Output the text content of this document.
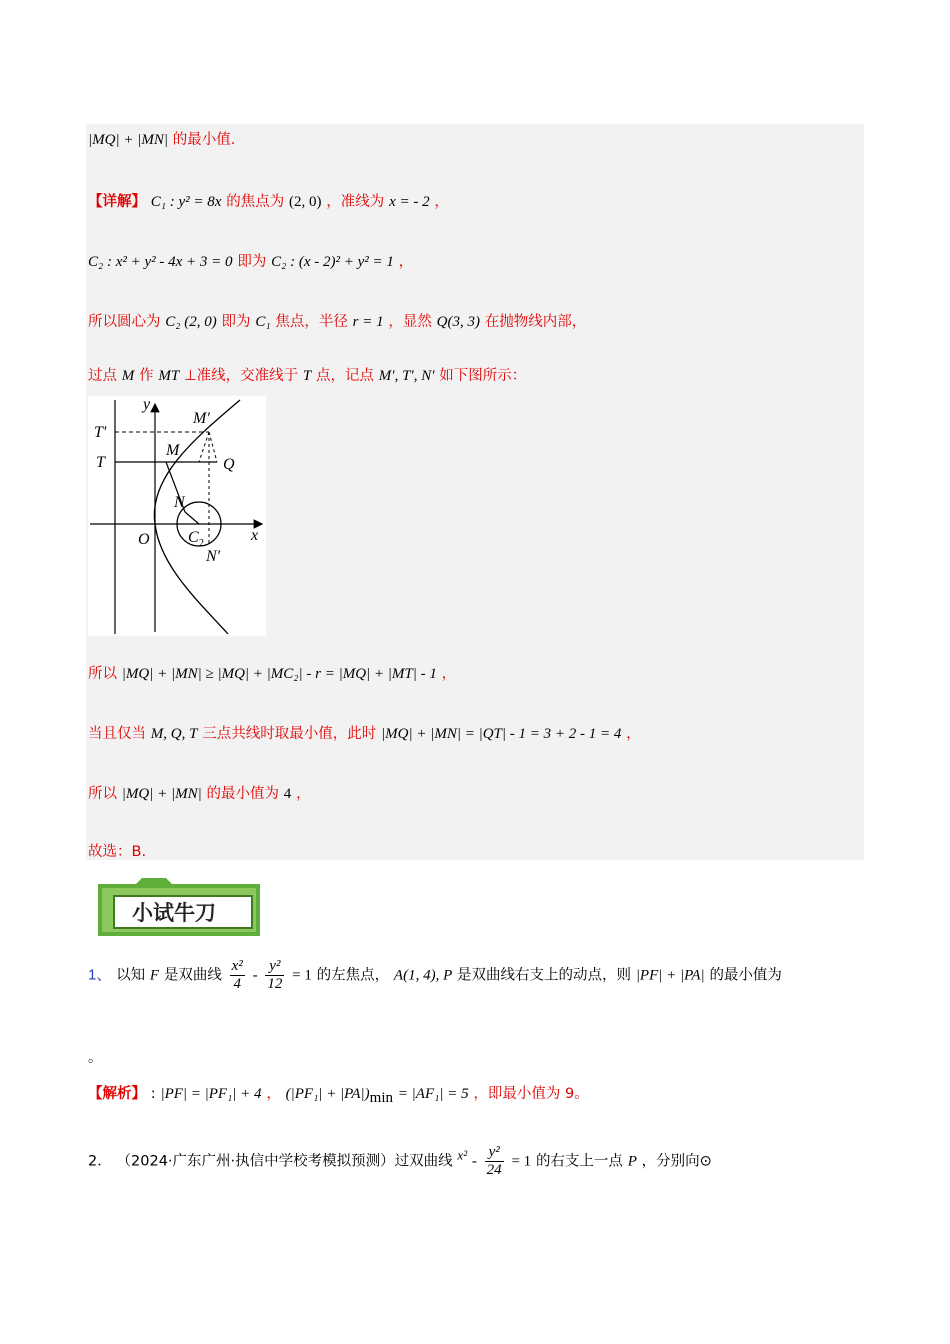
|MQ| + |MN| 的最小值.
【详解】 C₁ : y² = 8x 的焦点为 (2, 0) ，准线为 x = - 2 ，
C₂ : x² + y² - 4x + 3 = 0 即为 C₂ : (x - 2)² + y² = 1 ，
所以圆心为 C₂ (2, 0) 即为 C₁ 焦点，半径 r = 1 ，显然 Q(3, 3) 在抛物线内部，
过点 M 作 MT ⊥准线，交准线于 T 点，记点 M′, T′, N′ 如下图所示：
y
x
O
T′
T
M′
M
Q
N
C 2
N′
所以 |MQ| + |MN| ≥ |MQ| + |MC₂| - r = |MQ| + |MT| - 1 ，
当且仅当 M, Q, T 三点共线时取最小值，此时 |MQ| + |MN| = |QT| - 1 = 3 + 2 - 1 = 4 ，
所以 |MQ| + |MN| 的最小值为 4 ，
故选：B.
小试牛刀
1、 以知 F 是双曲线 $\frac{\text{x²}}{4} - \frac{\text{y²}}{12} = 1$ 的左焦点， A(1, 4), P 是双曲线右支上的动点，则 |PF| + |PA| 的最小值为
。
【解析】 : |PF| = |PF₁| + 4 ， $(|PF_1| + |PA|)_{min} = |AF_1| = 5$ ，即最小值为 9。
2． （2024·广东广州·执信中学校考模拟预测）过双曲线 $x^2 - \frac{\text{y²}}{24} = 1$ 的右支上一点 P ，分别向⊙
